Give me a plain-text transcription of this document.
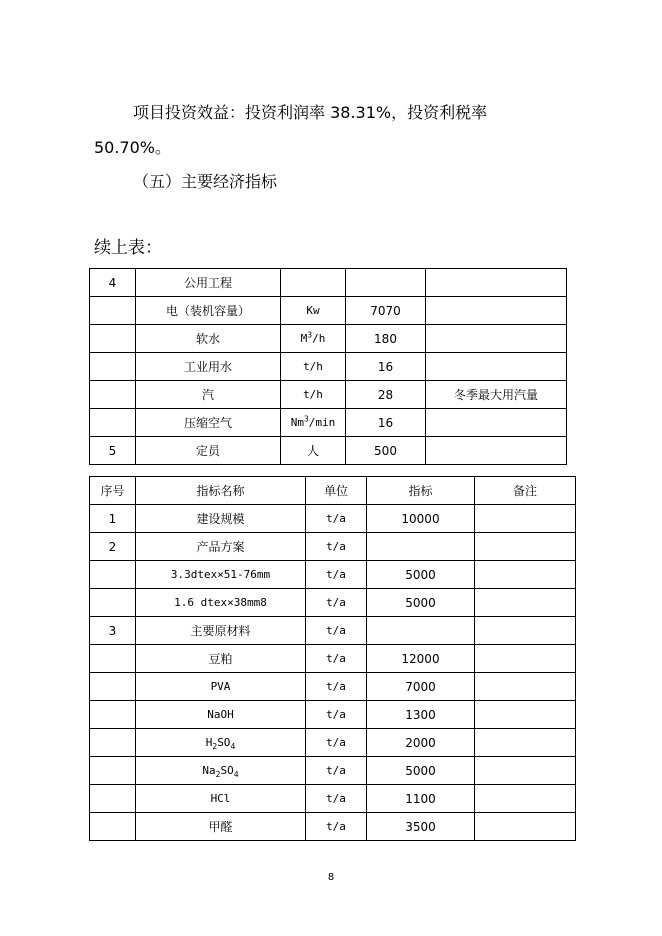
项目投资效益：投资利润率 38.31%，投资利税率
50.70%。
（五）主要经济指标
续上表：
4	公用工程			
	电（装机容量）	Kw	7070	
	软水	$M^3/h$	180	
	工业用水	t/h	16	
	汽	t/h	28	冬季最大用汽量
	压缩空气	Nm$^3$/min	16	
5	定员	人	500	
序号	指标名称	单位	指标	备注
1	建设规模	t/a	10000	
2	产品方案	t/a		
	3.3dtex×51-76mm	t/a	5000	
	1.6 dtex×38mm8	t/a	5000	
3	主要原材料	t/a		
	豆粕	t/a	12000	
	PVA	t/a	7000	
	NaOH	t/a	1300	
	$H_2SO_4$	t/a	2000	
	$Na_2SO_4$	t/a	5000	
	HCl	t/a	1100	
	甲醛	t/a	3500	
8
